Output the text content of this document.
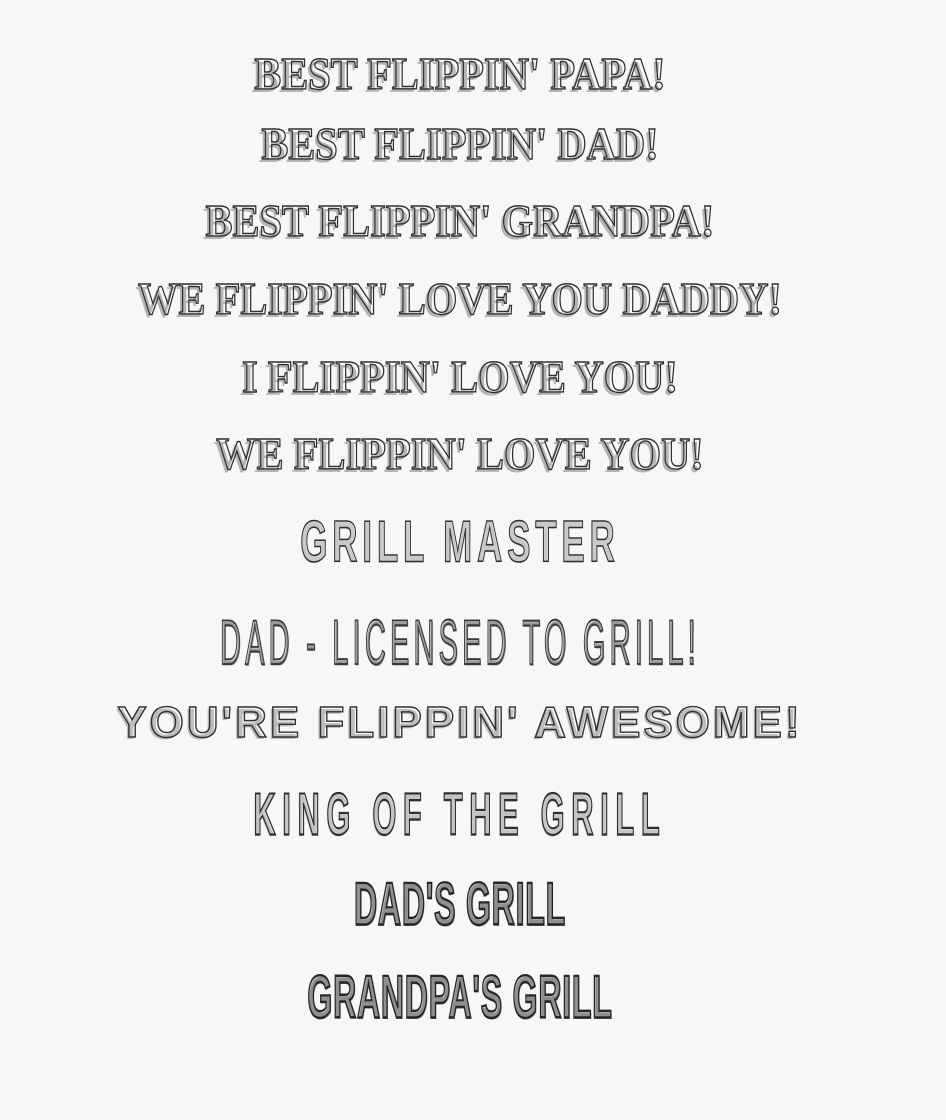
BEST FLIPPIN' PAPA!
BEST FLIPPIN' DAD!
BEST FLIPPIN' GRANDPA!
WE FLIPPIN' LOVE YOU DADDY!
I FLIPPIN' LOVE YOU!
WE FLIPPIN' LOVE YOU!
GRILL MASTER
DAD - LICENSED TO GRILL!
YOU'RE FLIPPIN' AWESOME!
KING OF THE GRILL
DAD'S GRILL
GRANDPA'S GRILL
